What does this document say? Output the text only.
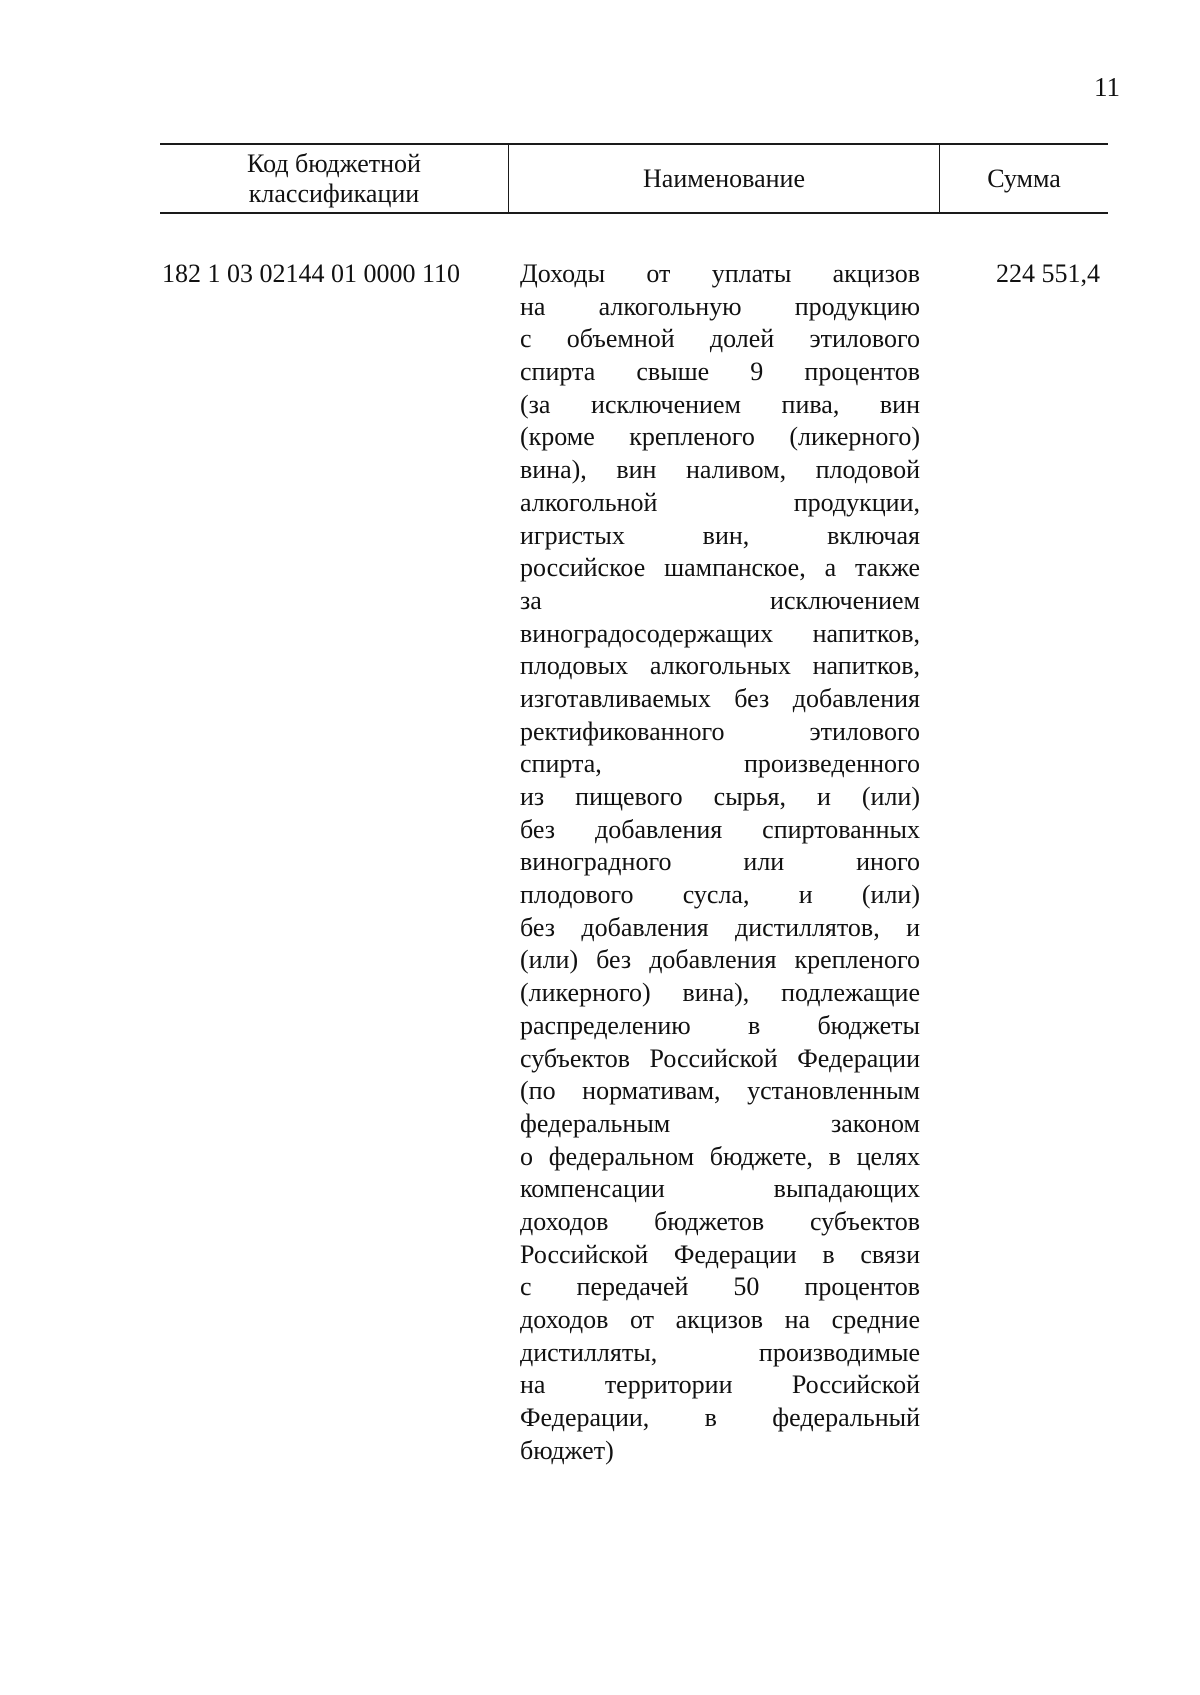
11
Код бюджетной
классификации
Наименование	Сумма
182 1 03 02144 01 0000 110 Доходы от уплаты акцизов
на алкогольную продукцию
с объемной долей этилового
спирта свыше 9 процентов
(за исключением пива, вин
(кроме крепленого (ликерного)
вина), вин наливом, плодовой
алкогольной продукции,
игристых вин, включая
российское шампанское, а также
за исключением
виноградосодержащих напитков,
плодовых алкогольных напитков,
изготавливаемых без добавления
ректификованного этилового
спирта, произведенного
из пищевого сырья, и (или)
без добавления спиртованных
виноградного или иного
плодового сусла, и (или)
без добавления дистиллятов, и
(или) без добавления крепленого
(ликерного) вина), подлежащие
распределению в бюджеты
субъектов Российской Федерации
(по нормативам, установленным
федеральным законом
о федеральном бюджете, в целях
компенсации выпадающих
доходов бюджетов субъектов
Российской Федерации в связи
с передачей 50 процентов
доходов от акцизов на средние
дистилляты, производимые
на территории Российской
Федерации, в федеральный
бюджет)
224 551,4
